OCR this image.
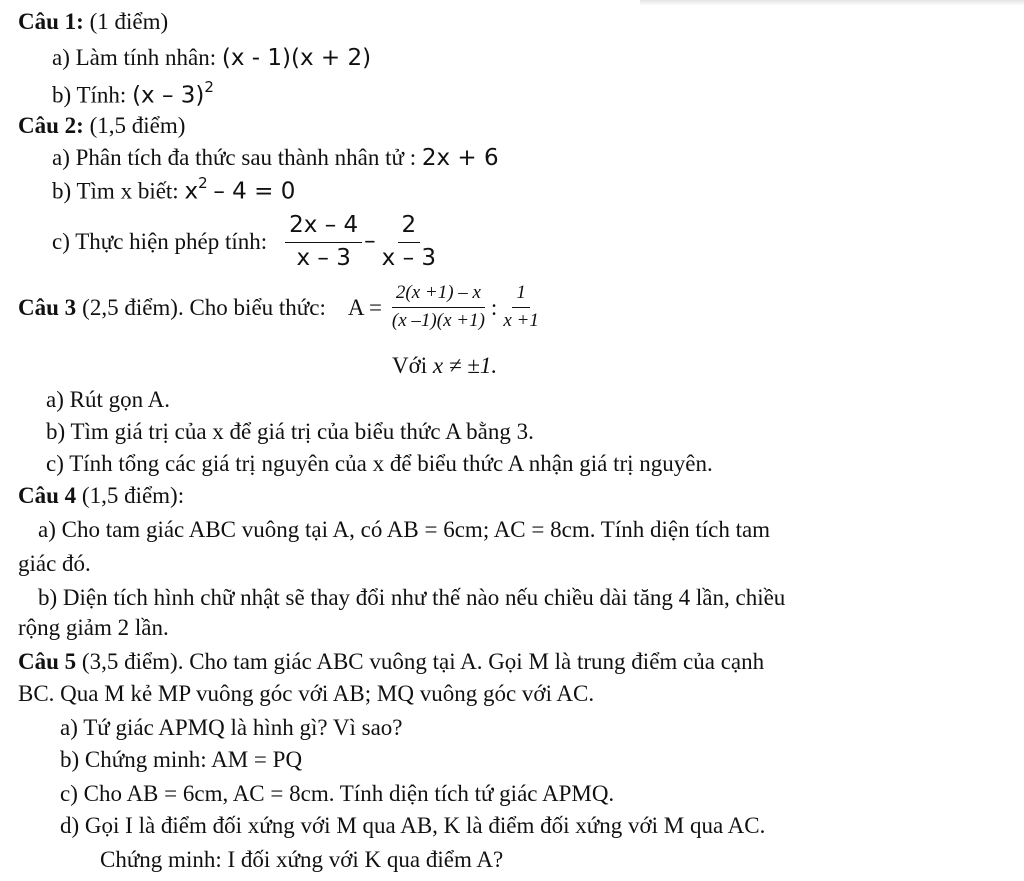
Câu 1: (1 điểm)
a) Làm tính nhân: (x - 1)(x + 2)
b) Tính: (x – 3)$^2$
Câu 2: (1,5 điểm)
a) Phân tích đa thức sau thành nhân tử : 2x + 6
b) Tìm x biết: $x^2 - 4 = 0$
c) Thực hiện phép tính: $\frac{2x - 4}{x - 3} - \frac{2}{x - 3}$
Câu 3 (2,5 điểm). Cho biểu thức: $A = \frac{2(x +1) - x}{(x -1)(x +1)}$ : $\frac{1}{x +1}$
Với x ≠ ±1.
a) Rút gọn A.
b) Tìm giá trị của x để giá trị của biểu thức A bằng 3.
c) Tính tổng các giá trị nguyên của x để biểu thức A nhận giá trị nguyên.
Câu 4 (1,5 điểm):
a) Cho tam giác ABC vuông tại A, có AB = 6cm; AC = 8cm. Tính diện tích tam
giác đó.
b) Diện tích hình chữ nhật sẽ thay đổi như thế nào nếu chiều dài tăng 4 lần, chiều
rộng giảm 2 lần.
Câu 5 (3,5 điểm). Cho tam giác ABC vuông tại A. Gọi M là trung điểm của cạnh
BC. Qua M kẻ MP vuông góc với AB; MQ vuông góc với AC.
a) Tứ giác APMQ là hình gì? Vì sao?
b) Chứng minh: AM = PQ
c) Cho AB = 6cm, AC = 8cm. Tính diện tích tứ giác APMQ.
d) Gọi I là điểm đối xứng với M qua AB, K là điểm đối xứng với M qua AC.
Chứng minh: I đối xứng với K qua điểm A?
